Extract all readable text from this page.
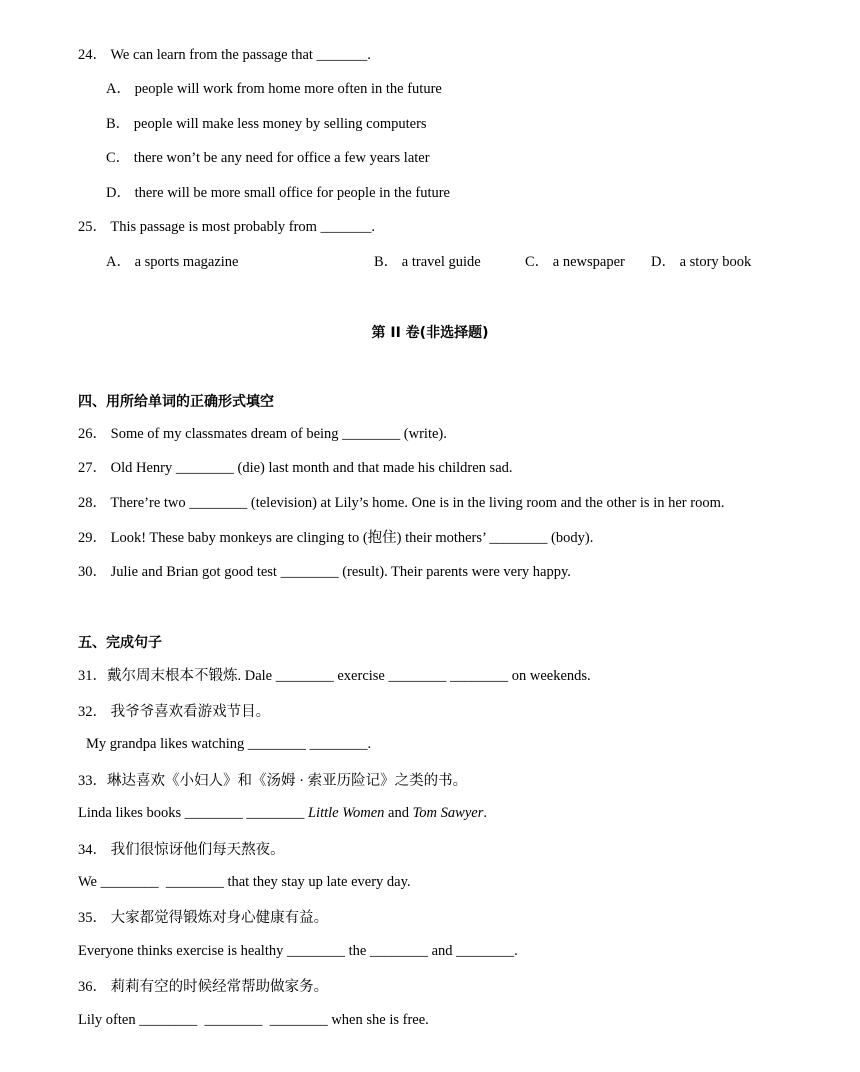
24． We can learn from the passage that _______.
A． people will work from home more often in the future
B． people will make less money by selling computers
C． there won’t be any need for office a few years later
D． there will be more small office for people in the future
25． This passage is most probably from _______.
A． a sports magazine	B． a travel guide	C． a newspaper D． a story book
第 II 卷(非选择题)
四、用所给单词的正确形式填空
26． Some of my classmates dream of being ________ (write).
27． Old Henry ________ (die) last month and that made his children sad.
28． There’re two ________ (television) at Lily’s home. One is in the living room and the other is in her room.
29． Look! These baby monkeys are clinging to (抱住) their mothers’ ________ (body).
30． Julie and Brian got good test ________ (result). Their parents were very happy.
五、完成句子
31．戴尔周末根本不锻炼. Dale ________ exercise ________ ________ on weekends.
32． 我爷爷喜欢看游戏节目。
My grandpa likes watching ________ ________.
33．琳达喜欢《小妇人》和《汤姆 · 索亚历险记》之类的书。
Linda likes books ________ ________ Little Women and Tom Sawyer.
34． 我们很惊讶他们每天熬夜。
We ________  ________ that they stay up late every day.
35． 大家都觉得锻炼对身心健康有益。
Everyone thinks exercise is healthy ________ the ________ and ________.
36． 莉莉有空的时候经常帮助做家务。
Lily often ________  ________  ________ when she is free.
